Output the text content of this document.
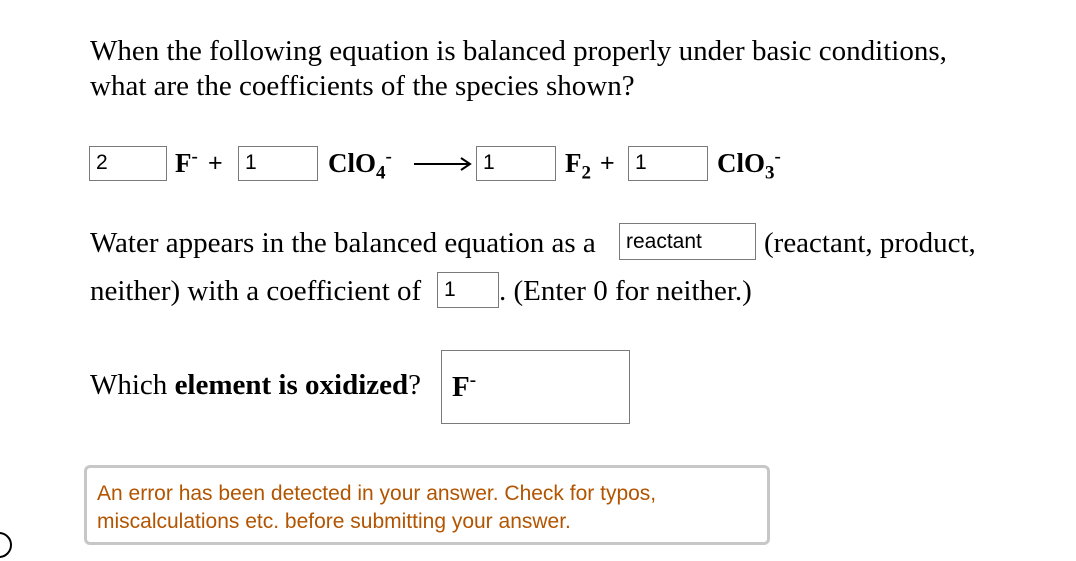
When the following equation is balanced properly under basic conditions,
what are the coefficients of the species shown?
2	F- +	1	ClO$_4$- → 1	$F_2 + 1$	ClO$_3$-
Water appears in the balanced equation as a	reactant	(reactant, product,
neither) with a coefficient of	1	. (Enter 0 for neither.)
Which element is oxidized?	F-
An error has been detected in your answer. Check for typos,
miscalculations etc. before submitting your answer.
